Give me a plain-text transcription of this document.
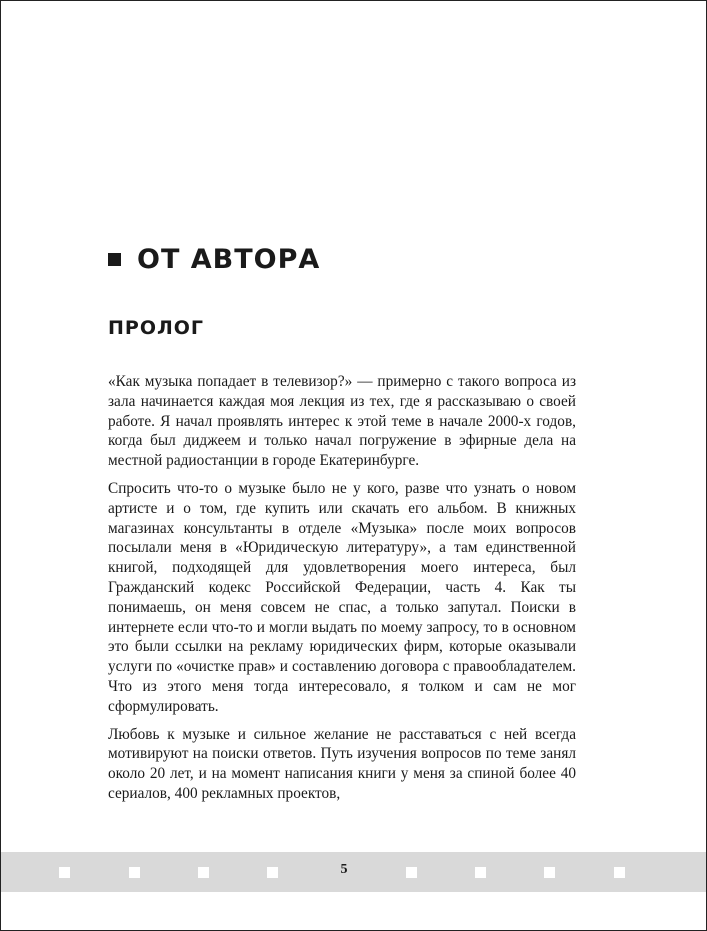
ОТ АВТОРА
ПРОЛОГ

«Как музыка попадает в телевизор?» — примерно с такого вопроса из зала начинается каждая моя лекция из тех, где я рассказываю о своей работе. Я начал проявлять интерес к этой теме в начале 2000-х годов, когда был диджеем и только начал погружение в эфирные дела на местной радиостанции в городе Екатеринбурге.

Спросить что-то о музыке было не у кого, разве что узнать о новом артисте и о том, где купить или скачать его альбом. В книжных магазинах консультанты в отделе «Музыка» после моих вопросов посылали меня в «Юридическую литературу», а там единственной книгой, подходящей для удовлетворения моего интереса, был Гражданский кодекс Российской Федерации, часть 4. Как ты понимаешь, он меня совсем не спас, а только запутал. Поиски в интернете если что-то и могли выдать по моему запросу, то в основном это были ссылки на рекламу юридических фирм, которые оказывали услуги по «очистке прав» и составлению договора с правообладателем. Что из этого меня тогда интересовало, я толком и сам не мог сформулировать.

Любовь к музыке и сильное желание не расставаться с ней всегда мотивируют на поиски ответов. Путь изучения вопросов по теме занял около 20 лет, и на момент написания книги у меня за спиной более 40 сериалов, 400 рекламных проектов,

5
